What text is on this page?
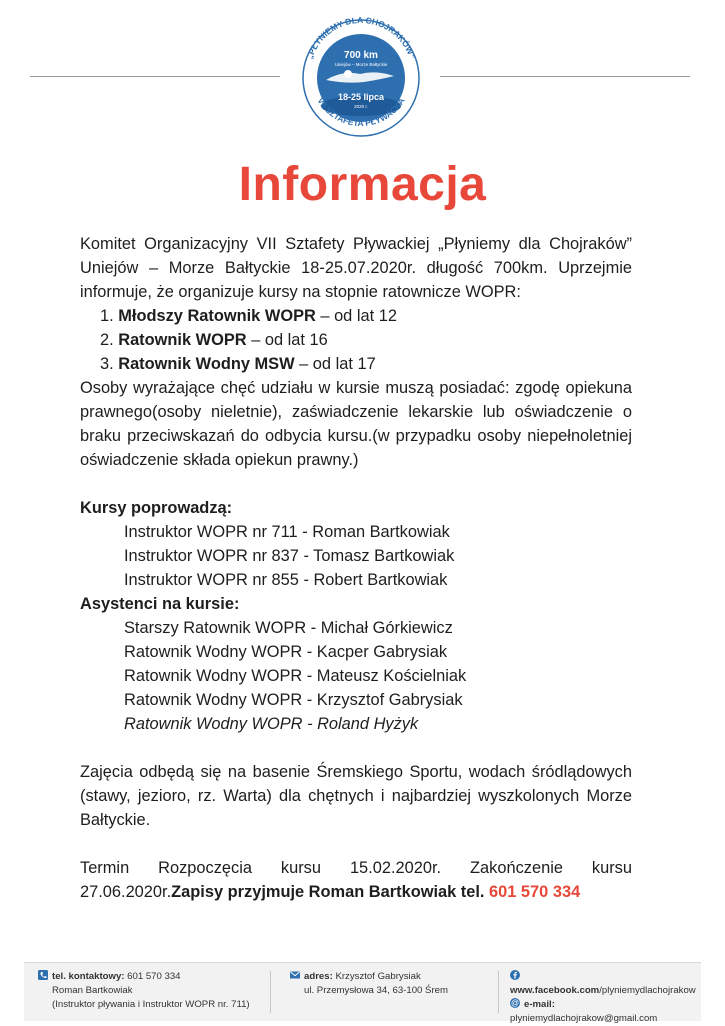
„PŁYNIEMY DLA CHOJRAKÓW”
VII SZTAFETA PŁYWACKA
700 km
Uniejów – Morze Bałtyckie
18-25 lipca
2020 r.
Informacja

Komitet Organizacyjny VII Sztafety Pływackiej „Płyniemy dla Chojraków” Uniejów – Morze Bałtyckie 18-25.07.2020r. długość 700km. Uprzejmie informuje, że organizuje kursy na stopnie ratownicze WOPR:

1. Młodszy Ratownik WOPR – od lat 12
2. Ratownik WOPR – od lat 16
3. Ratownik Wodny MSW – od lat 17

Osoby wyrażające chęć udziału w kursie muszą posiadać: zgodę opiekuna prawnego(osoby nieletnie), zaświadczenie lekarskie lub oświadczenie o braku przeciwskazań do odbycia kursu.(w przypadku osoby niepełnoletniej oświadczenie składa opiekun prawny.)

Kursy poprowadzą:
Instruktor WOPR nr 711 - Roman Bartkowiak
Instruktor WOPR nr 837 - Tomasz Bartkowiak
Instruktor WOPR nr 855 - Robert Bartkowiak
Asystenci na kursie:
Starszy Ratownik WOPR - Michał Górkiewicz
Ratownik Wodny WOPR - Kacper Gabrysiak
Ratownik Wodny WOPR - Mateusz Kościelniak
Ratownik Wodny WOPR - Krzysztof Gabrysiak
Ratownik Wodny WOPR - Roland Hyżyk

Zajęcia odbędą się na basenie Śremskiego Sportu, wodach śródlądowych (stawy, jezioro, rz. Warta) dla chętnych i najbardziej wyszkolonych Morze Bałtyckie.

Termin Rozpoczęcia kursu 15.02.2020r. Zakończenie kursu 27.06.2020r.Zapisy przyjmuje Roman Bartkowiak tel. 601 570 334

tel. kontaktowy: 601 570 334
Roman Bartkowiak
(Instruktor pływania i Instruktor WOPR nr. 711)
adres: Krzysztof Gabrysiak
ul. Przemysłowa 34, 63-100 Śrem	www.facebook.com/plyniemydlachojrakow
@ e-mail: plyniemydlachojrakow@gmail.com
